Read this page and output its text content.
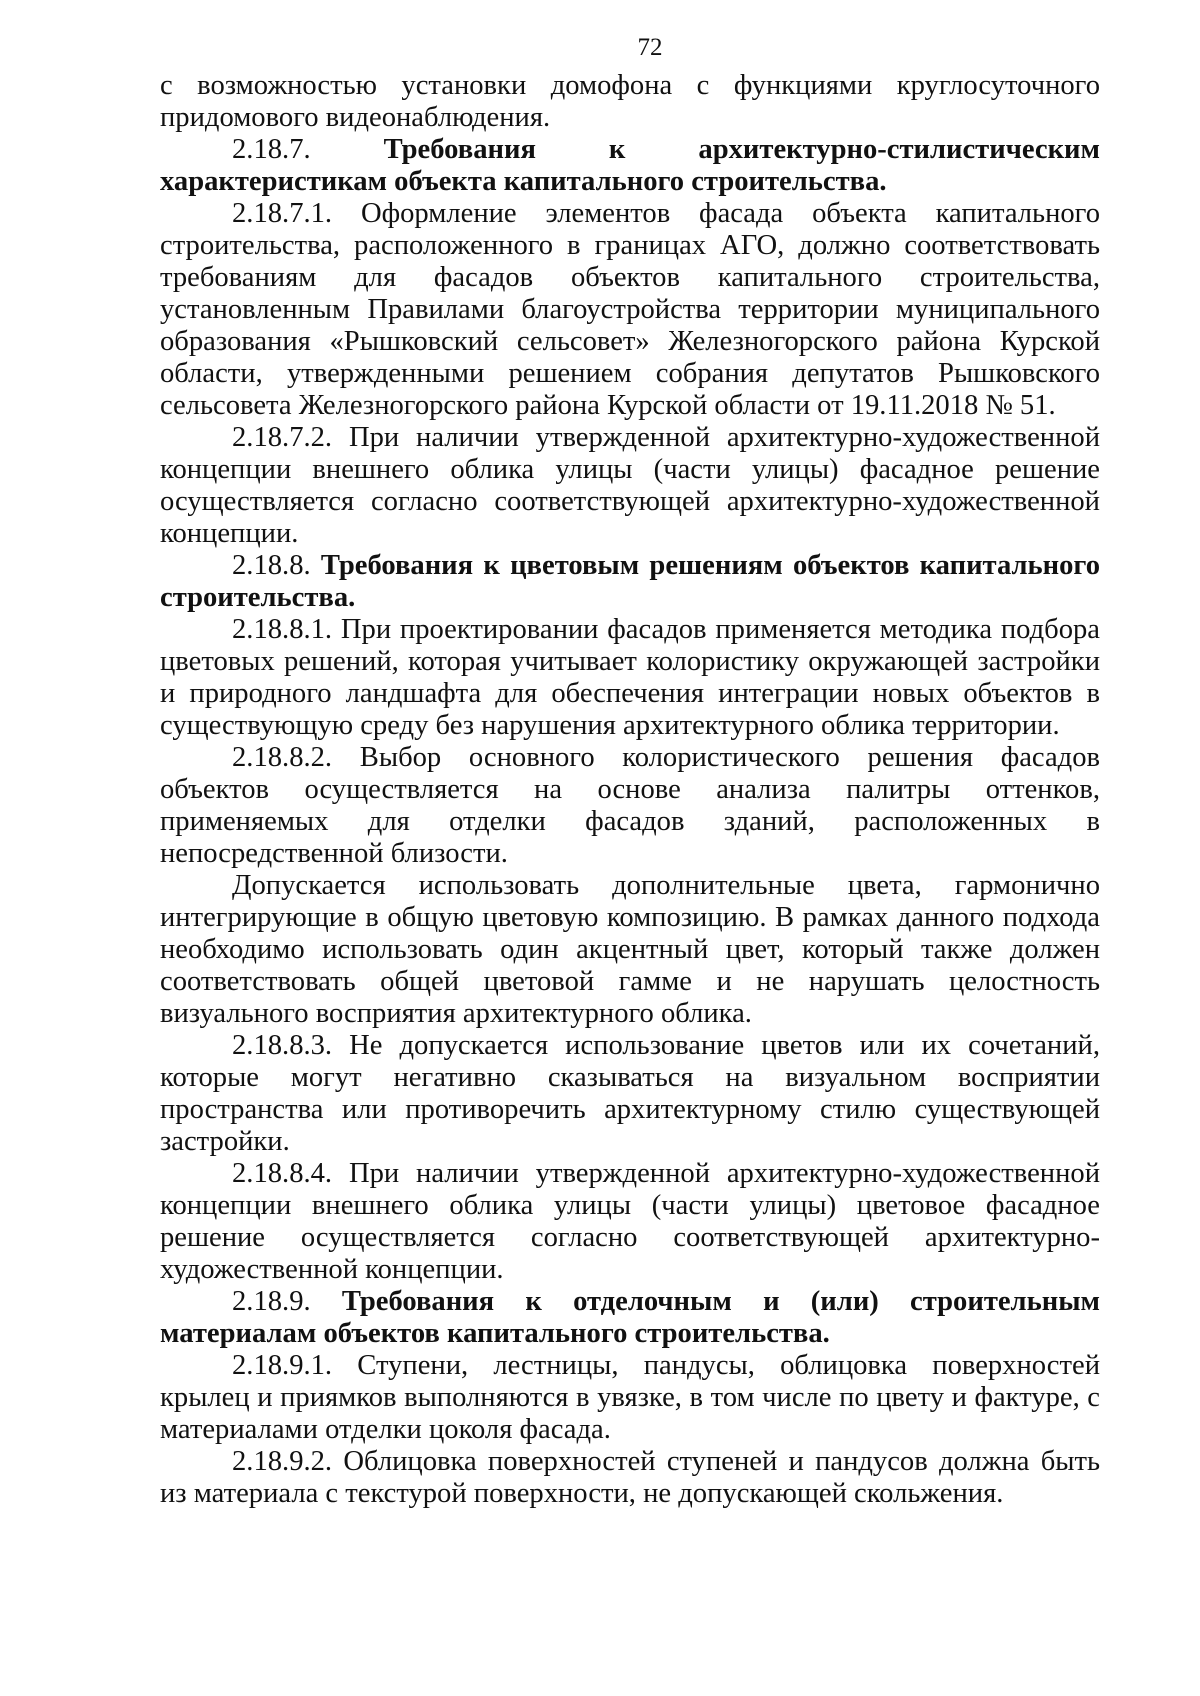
72

с возможностью установки домофона с функциями круглосуточного придомового видеонаблюдения.

2.18.7.	Требования к архитектурно-стилистическим характеристикам объекта капитального строительства.

2.18.7.1. Оформление элементов фасада объекта капитального строительства, расположенного в границах АГО, должно соответствовать требованиям для фасадов объектов капитального строительства, установленным Правилами благоустройства территории муниципального образования «Рышковский сельсовет» Железногорского района Курской области, утвержденными решением собрания депутатов Рышковского сельсовета Железногорского района Курской области от 19.11.2018 № 51.

2.18.7.2. При наличии утвержденной архитектурно-художественной концепции внешнего облика улицы (части улицы) фасадное решение осуществляется согласно соответствующей архитектурно-художественной концепции.

2.18.8. Требования к цветовым решениям объектов капитального строительства.

2.18.8.1. При проектировании фасадов применяется методика подбора цветовых решений, которая учитывает колористику окружающей застройки и природного ландшафта для обеспечения интеграции новых объектов в существующую среду без нарушения архитектурного облика территории.

2.18.8.2. Выбор основного колористического решения фасадов объектов осуществляется на основе анализа палитры оттенков, применяемых для отделки фасадов зданий, расположенных в непосредственной близости.

Допускается использовать дополнительные цвета, гармонично интегрирующие в общую цветовую композицию. В рамках данного подхода необходимо использовать один акцентный цвет, который также должен соответствовать общей цветовой гамме и не нарушать целостность визуального восприятия архитектурного облика.

2.18.8.3. Не допускается использование цветов или их сочетаний, которые могут негативно сказываться на визуальном восприятии пространства или противоречить архитектурному стилю существующей застройки.

2.18.8.4. При наличии утвержденной архитектурно-художественной концепции внешнего облика улицы (части улицы) цветовое фасадное решение осуществляется согласно соответствующей архитектурно-художественной концепции.

2.18.9. Требования к отделочным и (или) строительным материалам объектов капитального строительства.

2.18.9.1. Ступени, лестницы, пандусы, облицовка поверхностей крылец и приямков выполняются в увязке, в том числе по цвету и фактуре, с материалами отделки цоколя фасада.

2.18.9.2. Облицовка поверхностей ступеней и пандусов должна быть из материала с текстурой поверхности, не допускающей скольжения.
